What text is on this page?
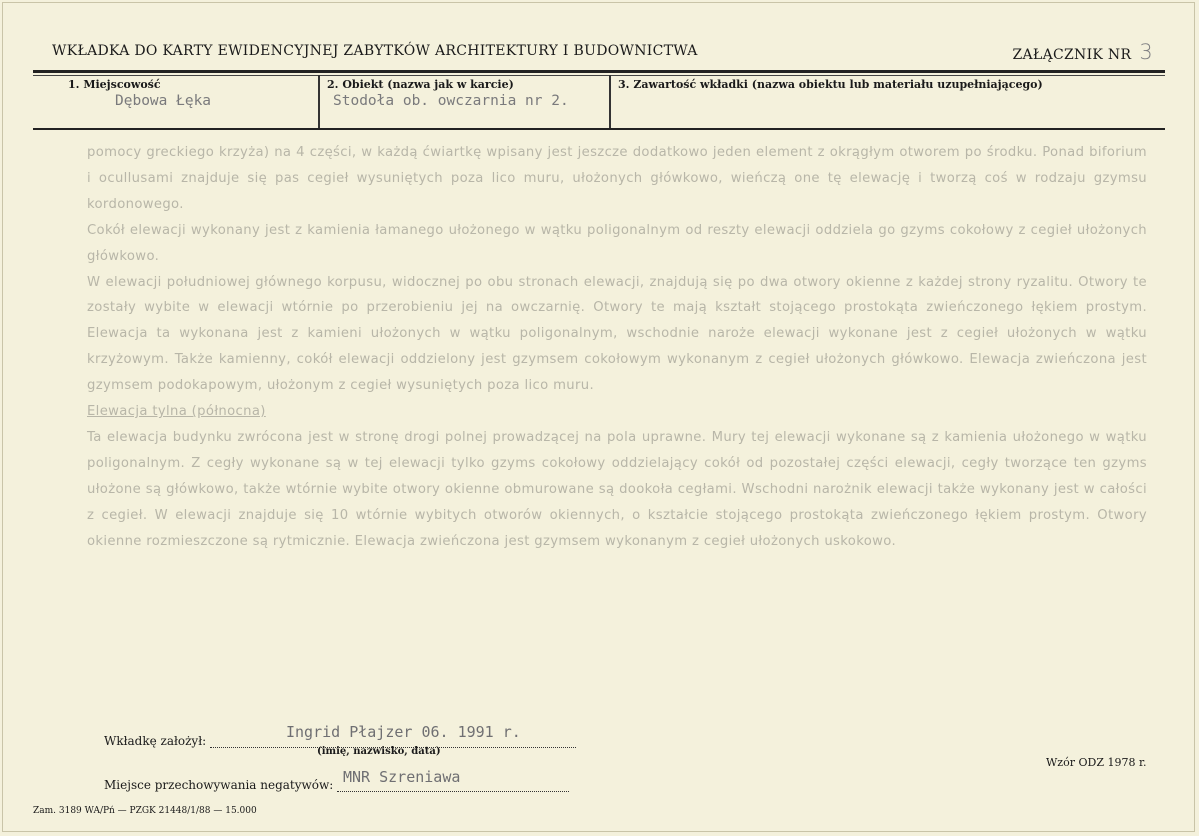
WKŁADKA DO KARTY EWIDENCYJNEJ ZABYTKÓW ARCHITEKTURY I BUDOWNICTWA	ZAŁĄCZNIK NR 3
1. Miejscowość
Dębowa Łęka
2. Obiekt (nazwa jak w karcie)
Stodoła ob. owczarnia nr 2.
3. Zawartość wkładki (nazwa obiektu lub materiału uzupełniającego)

pomocy greckiego krzyża) na 4 części, w każdą ćwiartkę wpisany jest jeszcze dodatkowo jeden element z okrągłym otworem po środku. Ponad biforium i ocullusami znajduje się pas cegieł wysuniętych poza lico muru, ułożonych główkowo, wieńczą one tę elewację i tworzą coś w rodzaju gzymsu kordonowego.

Cokół elewacji wykonany jest z kamienia łamanego ułożonego w wątku poligonalnym od reszty elewacji oddziela go gzyms cokołowy z cegieł ułożonych główkowo.

W elewacji południowej głównego korpusu, widocznej po obu stronach elewacji, znajdują się po dwa otwory okienne z każdej strony ryzalitu. Otwory te zostały wybite w elewacji wtórnie po przerobieniu jej na owczarnię. Otwory te mają kształt stojącego prostokąta zwieńczonego łękiem prostym. Elewacja ta wykonana jest z kamieni ułożonych w wątku poligonalnym, wschodnie naroże elewacji wykonane jest z cegieł ułożonych w wątku krzyżowym. Także kamienny, cokół elewacji oddzielony jest gzymsem cokołowym wykonanym z cegieł ułożonych główkowo. Elewacja zwieńczona jest gzymsem podokapowym, ułożonym z cegieł wysuniętych poza lico muru.

Elewacja tylna (północna)

Ta elewacja budynku zwrócona jest w stronę drogi polnej prowadzącej na pola uprawne. Mury tej elewacji wykonane są z kamienia ułożonego w wątku poligonalnym. Z cegły wykonane są w tej elewacji tylko gzyms cokołowy oddzielający cokół od pozostałej części elewacji, cegły tworzące ten gzyms ułożone są główkowo, także wtórnie wybite otwory okienne obmurowane są dookoła cegłami. Wschodni narożnik elewacji także wykonany jest w całości z cegieł. W elewacji znajduje się 10 wtórnie wybitych otworów okiennych, o kształcie stojącego prostokąta zwieńczonego łękiem prostym. Otwory okienne rozmieszczone są rytmicznie. Elewacja zwieńczona jest gzymsem wykonanym z cegieł ułożonych uskokowo.

Wkładkę założył:	Ingrid Płajzer 06. 1991 r.
(imię, nazwisko, data)
Wzór ODZ 1978 r.
Miejsce przechowywania negatywów: MNR Szreniawa
Zam. 3189 WA/Pń — PZGK 21448/1/88 — 15.000
